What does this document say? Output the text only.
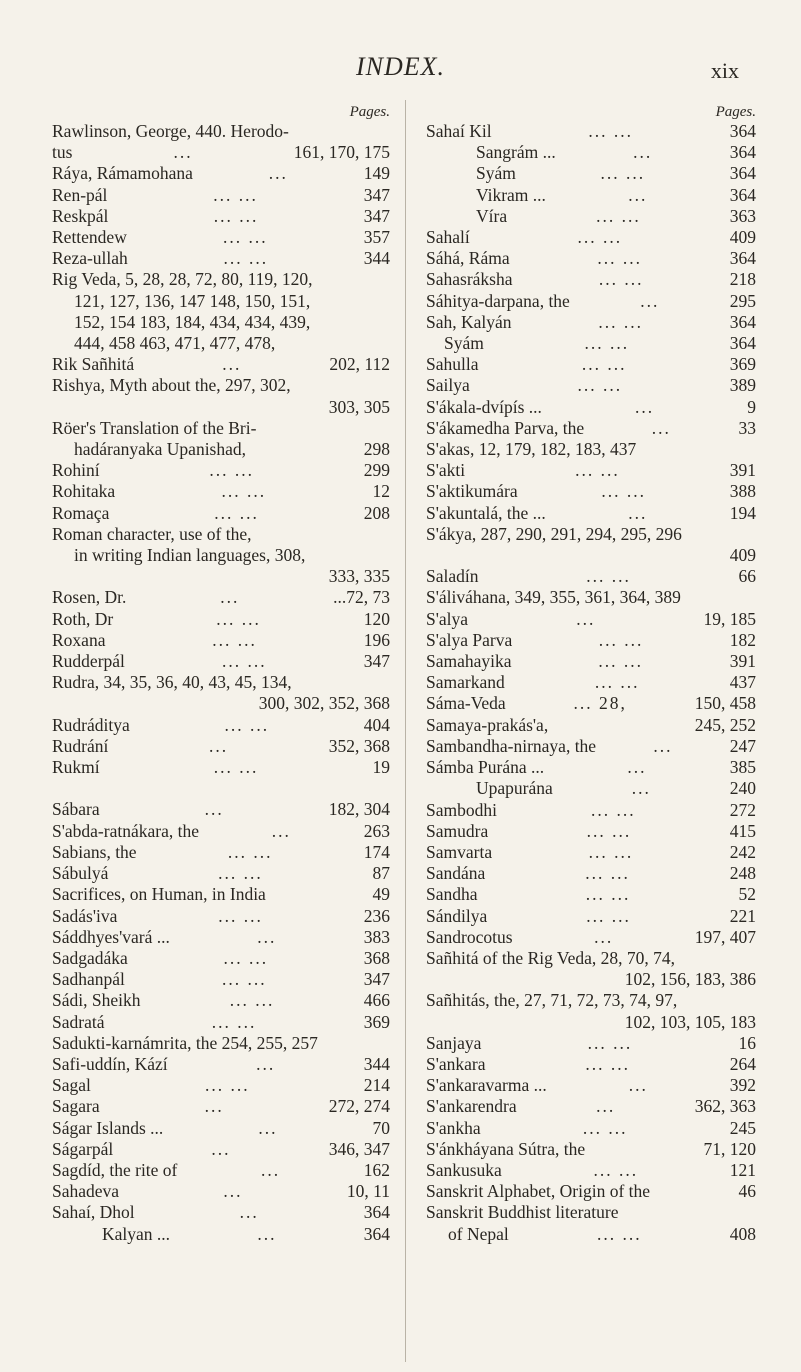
INDEX.	xix
Pages.
Rawlinson, George, 440. Herodo-
tus	...	161, 170, 175
Ráya, Rámamohana	...	149
Ren-pál	... ...	347
Reskpál	... ...	347
Rettendew	... ...	357
Reza-ullah	... ...	344
Rig Veda, 5, 28, 28, 72, 80, 119, 120,
121, 127, 136, 147 148, 150, 151,
152, 154 183, 184, 434, 434, 439,
444, 458 463, 471, 477, 478,
Rik Sañhitá	...	202, 112
Rishya, Myth about the, 297, 302,
303, 305
Röer's Translation of the Bri-
hadáranyaka Upanishad,	298
Rohiní	... ...	299
Rohitaka	... ...	12
Romaça	... ...	208
Roman character, use of the,
in writing Indian languages, 308,
333, 335
Rosen, Dr.	...	...72, 73
Roth, Dr	... ...	120
Roxana	... ...	196
Rudderpál	... ...	347
Rudra, 34, 35, 36, 40, 43, 45, 134,
300, 302, 352, 368
Rudráditya	... ...	404
Rudrání	...	352, 368
Rukmí	... ...	19
Sábara	...	182, 304
S'abda-ratnákara, the	...	263
Sabians, the	... ...	174
Sábulyá	... ...	87
Sacrifices, on Human, in India	49
Sadás'iva	... ...	236
Sáddhyes'vará ...	...	383
Sadgadáka	... ...	368
Sadhanpál	... ...	347
Sádi, Sheikh	... ...	466
Sadratá	... ...	369
Sadukti-karnámrita, the 254, 255, 257
Safi-uddín, Kází	...	344
Sagal	... ...	214
Sagara	...	272, 274
Ságar Islands ...	...	70
Ságarpál	...	346, 347
Sagdíd, the rite of	...	162
Sahadeva	...	10, 11
Sahaí, Dhol	...	364
Kalyan ...	...	364
Pages.
Sahaí Kil	... ...	364
Sangrám ...	...	364
Syám	... ...	364
Vikram ...	...	364
Víra	... ...	363
Sahalí	... ...	409
Sáhá, Ráma	... ...	364
Sahasráksha	... ...	218
Sáhitya-darpana, the	...	295
Sah, Kalyán	... ...	364
Syám	... ...	364
Sahulla	... ...	369
Sailya	... ...	389
S'ákala-dvípís ...	...	9
S'ákamedha Parva, the	...	33
S'akas, 12, 179, 182, 183, 437
S'akti	... ...	391
S'aktikumára	... ...	388
S'akuntalá, the ...	...	194
S'ákya, 287, 290, 291, 294, 295, 296
409
Saladín	... ...	66
S'áliváhana, 349, 355, 361, 364, 389
S'alya	...	19, 185
S'alya Parva	... ...	182
Samahayika	... ...	391
Samarkand	... ...	437
Sáma-Veda	... 28,	150, 458
Samaya-prakás'a,	245, 252
Sambandha-nirnaya, the	...	247
Sámba Purána ...	...	385
Upapurána	...	240
Sambodhi	... ...	272
Samudra	... ...	415
Samvarta	... ...	242
Sandána	... ...	248
Sandha	... ...	52
Sándilya	... ...	221
Sandrocotus	...	197, 407
Sañhitá of the Rig Veda, 28, 70, 74,
102, 156, 183, 386
Sañhitás, the, 27, 71, 72, 73, 74, 97,
102, 103, 105, 183
Sanjaya	... ...	16
S'ankara	... ...	264
S'ankaravarma ...	...	392
S'ankarendra	...	362, 363
S'ankha	... ...	245
S'ánkháyana Sútra, the	71, 120
Sankusuka	... ...	121
Sanskrit Alphabet, Origin of the	46
Sanskrit Buddhist literature
of Nepal	... ...	408
